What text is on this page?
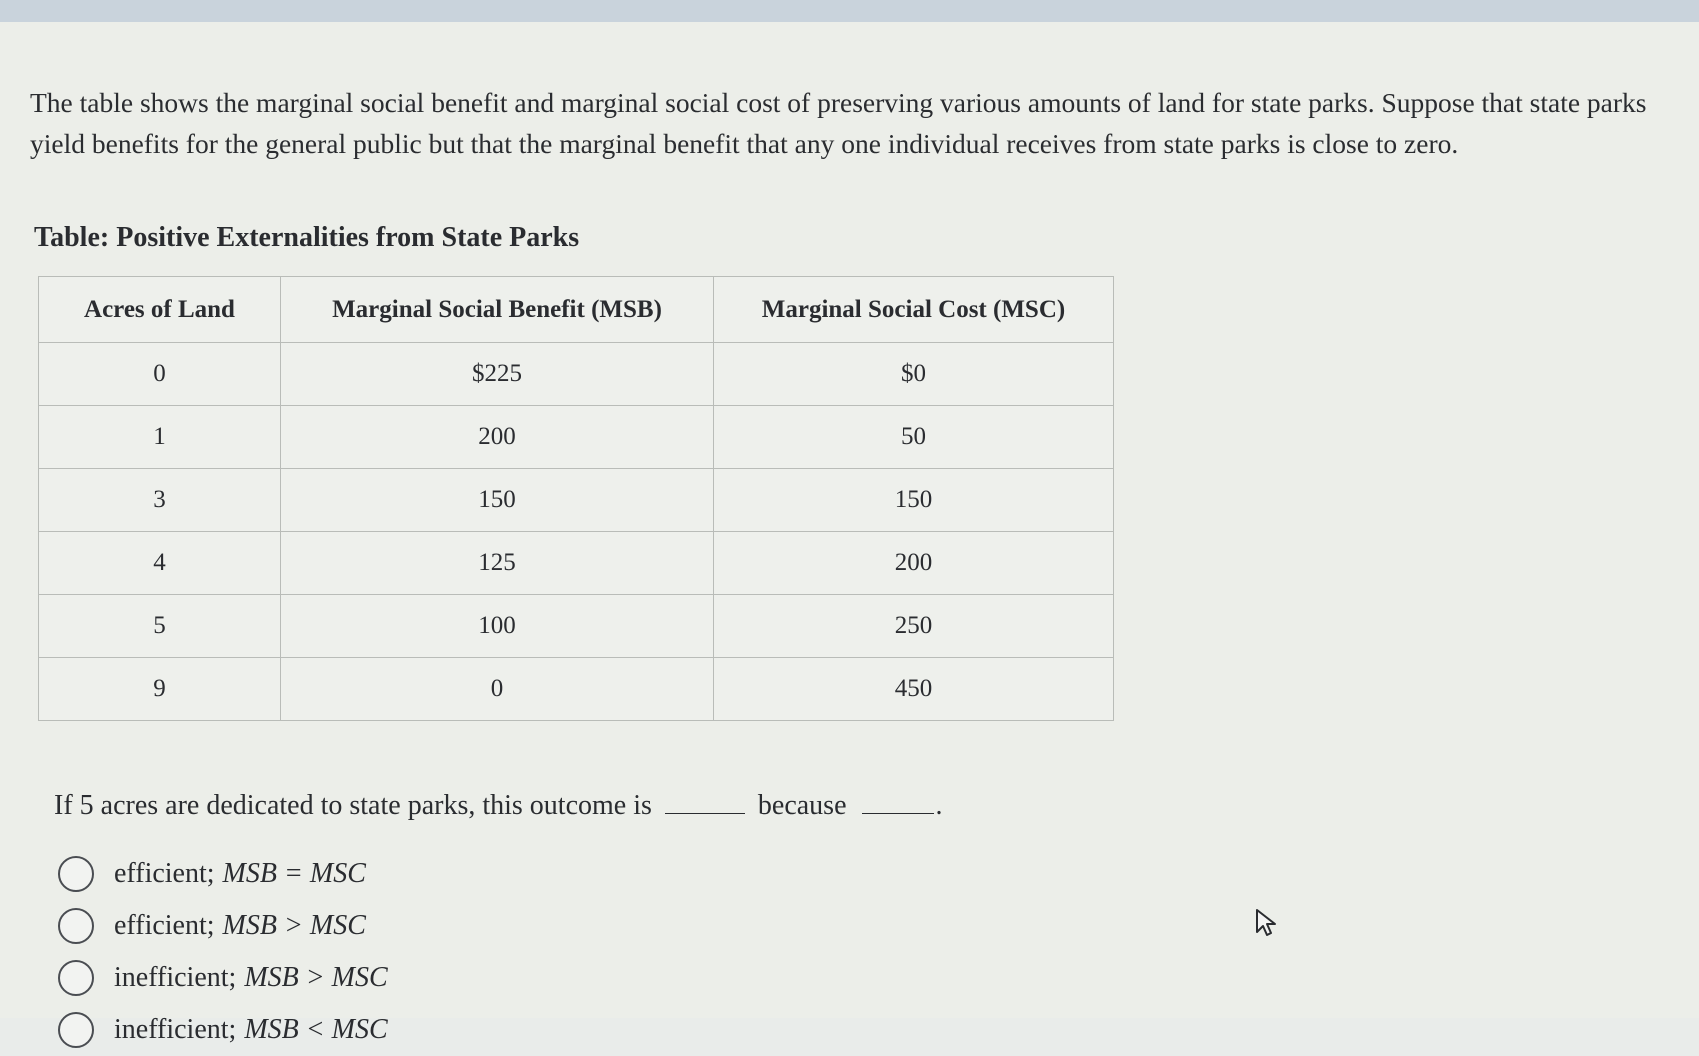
The table shows the marginal social benefit and marginal social cost of preserving various amounts of land for state parks. Suppose that state parks yield benefits for the general public but that the marginal benefit that any one individual receives from state parks is close to zero.

Table: Positive Externalities from State Parks

Acres of Land	Marginal Social Benefit (MSB)	Marginal Social Cost (MSC)
0	$225	$0
1	200	50
3	150	150
4	125	200
5	100	250
9	0	450

If 5 acres are dedicated to state parks, this outcome is	because	.

efficient; MSB = MSC
efficient; MSB > MSC
inefficient; MSB > MSC
inefficient; MSB < MSC
